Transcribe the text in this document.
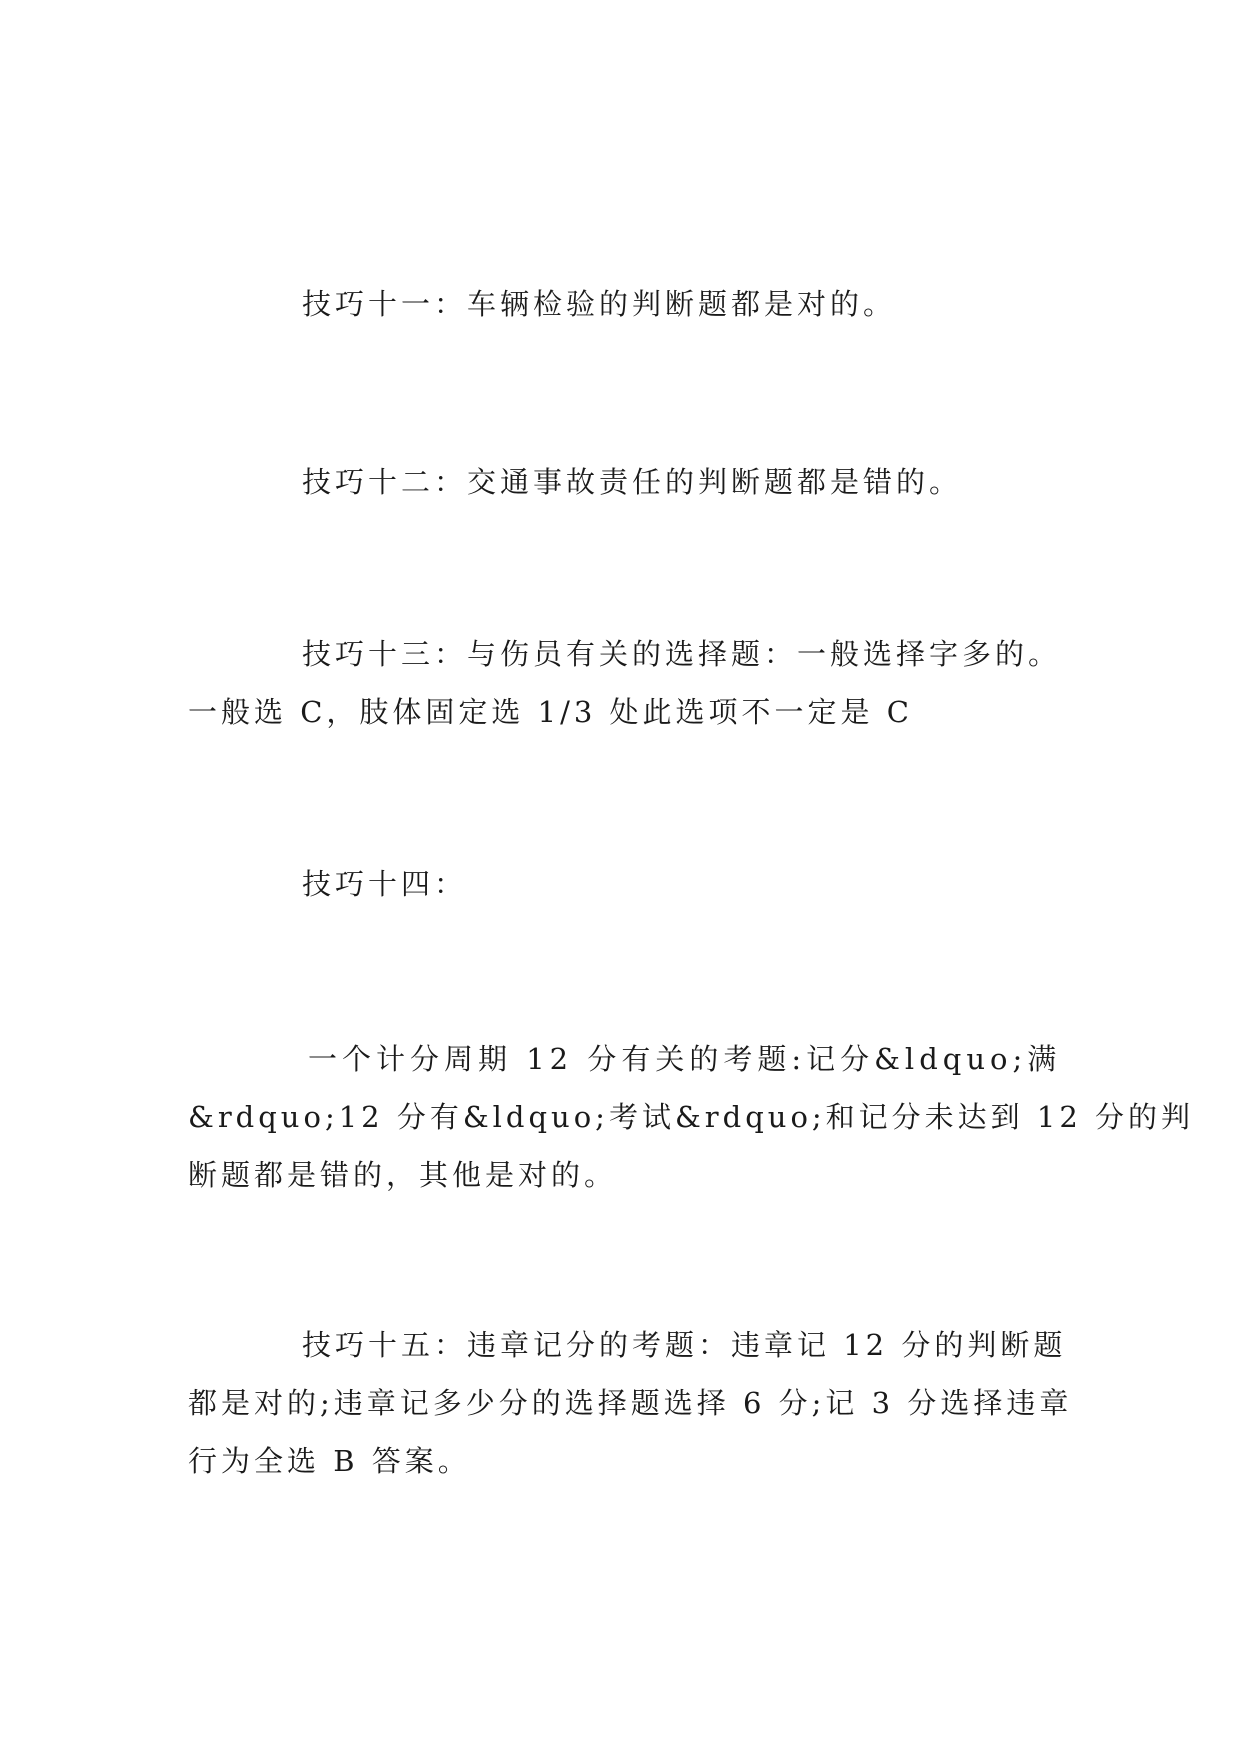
技巧十一：车辆检验的判断题都是对的。

技巧十二：交通事故责任的判断题都是错的。

技巧十三：与伤员有关的选择题：一般选择字多的。
一般选 C，肢体固定选 1/3 处此选项不一定是 C

技巧十四：

一个计分周期 12 分有关的考题:记分&ldquo;满
&rdquo;12 分有&ldquo;考试&rdquo;和记分未达到 12 分的判
断题都是错的，其他是对的。
技巧十五：违章记分的考题：违章记 12 分的判断题
都是对的;违章记多少分的选择题选择 6 分;记 3 分选择违章
行为全选 B 答案。
